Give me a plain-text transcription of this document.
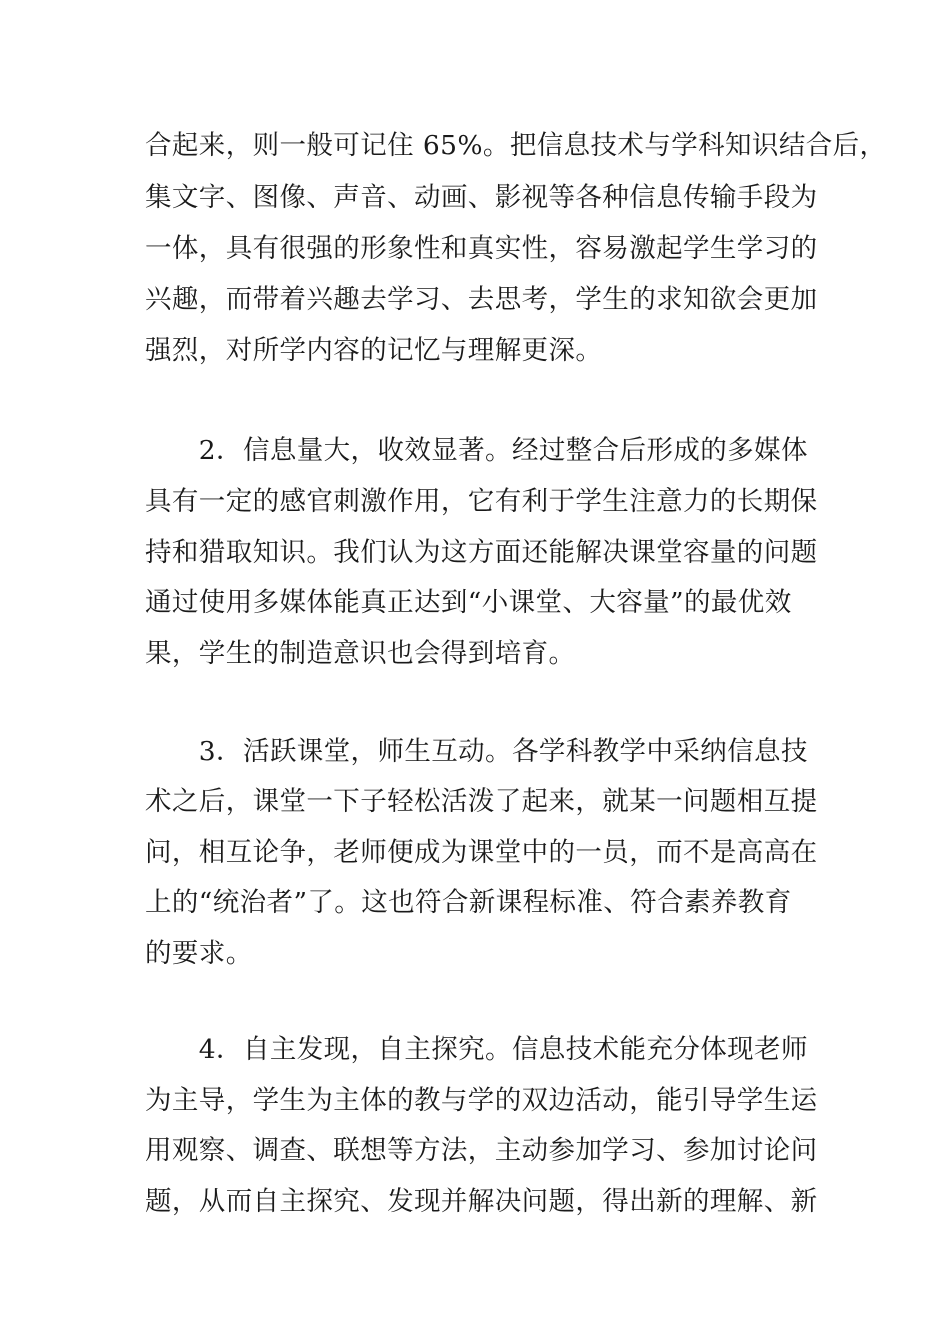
合起来，则一般可记住 65%。把信息技术与学科知识结合后，
集文字、图像、声音、动画、影视等各种信息传输手段为
一体，具有很强的形象性和真实性，容易激起学生学习的
兴趣，而带着兴趣去学习、去思考，学生的求知欲会更加
强烈，对所学内容的记忆与理解更深。
　　2．信息量大，收效显著。经过整合后形成的多媒体
具有一定的感官刺激作用，它有利于学生注意力的长期保
持和猎取知识。我们认为这方面还能解决课堂容量的问题
通过使用多媒体能真正达到“小课堂、大容量”的最优效
果，学生的制造意识也会得到培育。
　　3．活跃课堂，师生互动。各学科教学中采纳信息技
术之后，课堂一下子轻松活泼了起来，就某一问题相互提
问，相互论争，老师便成为课堂中的一员，而不是高高在
上的“统治者”了。这也符合新课程标准、符合素养教育
的要求。
　　4．自主发现，自主探究。信息技术能充分体现老师
为主导，学生为主体的教与学的双边活动，能引导学生运
用观察、调查、联想等方法，主动参加学习、参加讨论问
题，从而自主探究、发现并解决问题，得出新的理解、新
